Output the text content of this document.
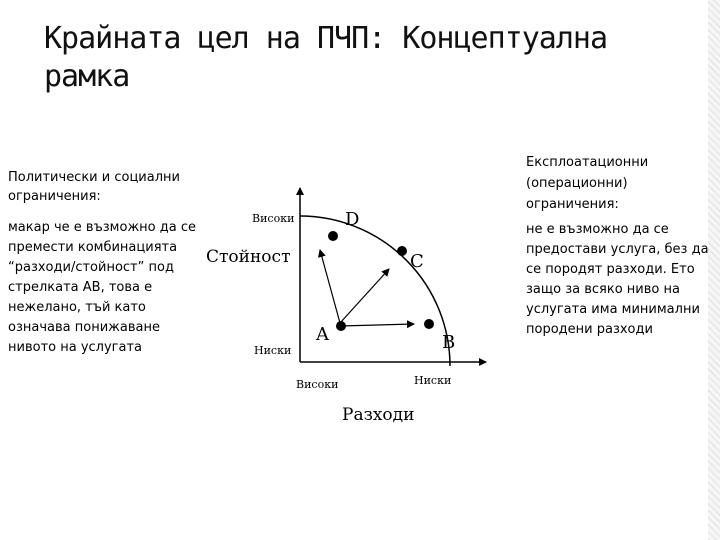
Крайната цел на ПЧП: Концептуална рамка
Политически и социални ограничения:
макар че е възможно да се премести комбинацията “разходи/стойност” под стрелката АВ, това е нежелано, тъй като означава понижаване нивото на услугата
Експлоатационни (операционни) ограничения:
не е възможно да се предостави услуга, без да се породят разходи. Ето защо за всяко ниво на услугата има минимални породени разходи
D
C
A	B
Високи
Стойност
Ниски
Високи	Ниски
Разходи
